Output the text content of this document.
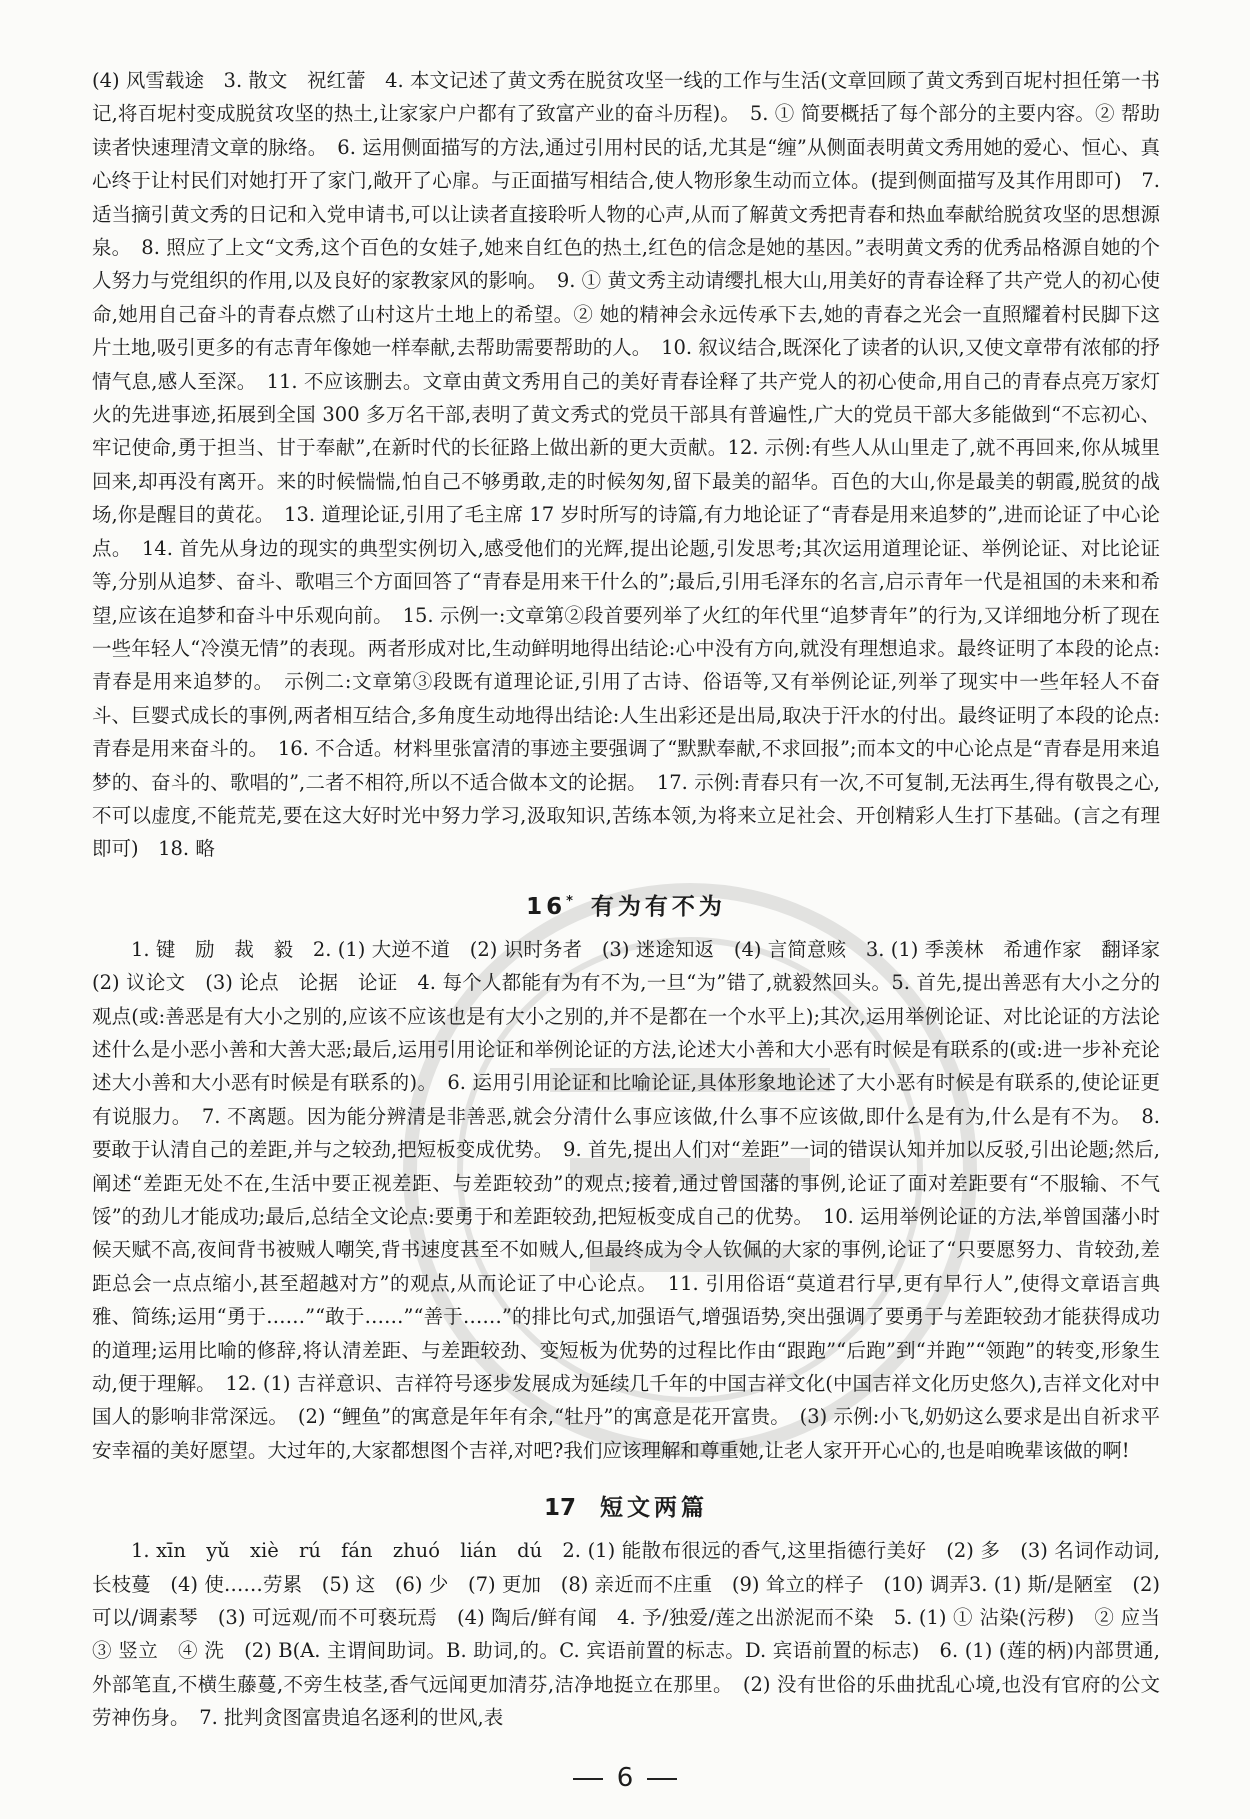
(4) 风雪载途　3. 散文　祝红蕾　4. 本文记述了黄文秀在脱贫攻坚一线的工作与生活(文章回顾了黄文秀到百坭村担任第一书记,将百坭村变成脱贫攻坚的热土,让家家户户都有了致富产业的奋斗历程)。　5. ① 简要概括了每个部分的主要内容。② 帮助读者快速理清文章的脉络。　6. 运用侧面描写的方法,通过引用村民的话,尤其是“缠”从侧面表明黄文秀用她的爱心、恒心、真心终于让村民们对她打开了家门,敞开了心扉。与正面描写相结合,使人物形象生动而立体。(提到侧面描写及其作用即可)　7. 适当摘引黄文秀的日记和入党申请书,可以让读者直接聆听人物的心声,从而了解黄文秀把青春和热血奉献给脱贫攻坚的思想源泉。　8. 照应了上文“文秀,这个百色的女娃子,她来自红色的热土,红色的信念是她的基因。”表明黄文秀的优秀品格源自她的个人努力与党组织的作用,以及良好的家教家风的影响。　9. ① 黄文秀主动请缨扎根大山,用美好的青春诠释了共产党人的初心使命,她用自己奋斗的青春点燃了山村这片土地上的希望。② 她的精神会永远传承下去,她的青春之光会一直照耀着村民脚下这片土地,吸引更多的有志青年像她一样奉献,去帮助需要帮助的人。　10. 叙议结合,既深化了读者的认识,又使文章带有浓郁的抒情气息,感人至深。　11. 不应该删去。文章由黄文秀用自己的美好青春诠释了共产党人的初心使命,用自己的青春点亮万家灯火的先进事迹,拓展到全国 300 多万名干部,表明了黄文秀式的党员干部具有普遍性,广大的党员干部大多能做到“不忘初心、牢记使命,勇于担当、甘于奉献”,在新时代的长征路上做出新的更大贡献。12. 示例:有些人从山里走了,就不再回来,你从城里回来,却再没有离开。来的时候惴惴,怕自己不够勇敢,走的时候匆匆,留下最美的韶华。百色的大山,你是最美的朝霞,脱贫的战场,你是醒目的黄花。　13. 道理论证,引用了毛主席 17 岁时所写的诗篇,有力地论证了“青春是用来追梦的”,进而论证了中心论点。　14. 首先从身边的现实的典型实例切入,感受他们的光辉,提出论题,引发思考;其次运用道理论证、举例论证、对比论证等,分别从追梦、奋斗、歌唱三个方面回答了“青春是用来干什么的”;最后,引用毛泽东的名言,启示青年一代是祖国的未来和希望,应该在追梦和奋斗中乐观向前。　15. 示例一:文章第②段首要列举了火红的年代里“追梦青年”的行为,又详细地分析了现在一些年轻人“冷漠无情”的表现。两者形成对比,生动鲜明地得出结论:心中没有方向,就没有理想追求。最终证明了本段的论点:青春是用来追梦的。　示例二:文章第③段既有道理论证,引用了古诗、俗语等,又有举例论证,列举了现实中一些年轻人不奋斗、巨婴式成长的事例,两者相互结合,多角度生动地得出结论:人生出彩还是出局,取决于汗水的付出。最终证明了本段的论点:青春是用来奋斗的。　16. 不合适。材料里张富清的事迹主要强调了“默默奉献,不求回报”;而本文的中心论点是“青春是用来追梦的、奋斗的、歌唱的”,二者不相符,所以不适合做本文的论据。　17. 示例:青春只有一次,不可复制,无法再生,得有敬畏之心,不可以虚度,不能荒芜,要在这大好时光中努力学习,汲取知识,苦练本领,为将来立足社会、开创精彩人生打下基础。(言之有理即可)　18. 略

16* 有为有不为

1. 键　励　裁　毅　2. (1) 大逆不道　(2) 识时务者　(3) 迷途知返　(4) 言简意赅　3. (1) 季羡林　希逋作家　翻译家　(2) 议论文　(3) 论点　论据　论证　4. 每个人都能有为有不为,一旦“为”错了,就毅然回头。5. 首先,提出善恶有大小之分的观点(或:善恶是有大小之别的,应该不应该也是有大小之别的,并不是都在一个水平上);其次,运用举例论证、对比论证的方法论述什么是小恶小善和大善大恶;最后,运用引用论证和举例论证的方法,论述大小善和大小恶有时候是有联系的(或:进一步补充论述大小善和大小恶有时候是有联系的)。　6. 运用引用论证和比喻论证,具体形象地论述了大小恶有时候是有联系的,使论证更有说服力。　7. 不离题。因为能分辨清是非善恶,就会分清什么事应该做,什么事不应该做,即什么是有为,什么是有不为。　8. 要敢于认清自己的差距,并与之较劲,把短板变成优势。　9. 首先,提出人们对“差距”一词的错误认知并加以反驳,引出论题;然后,阐述“差距无处不在,生活中要正视差距、与差距较劲”的观点;接着,通过曾国藩的事例,论证了面对差距要有“不服输、不气馁”的劲儿才能成功;最后,总结全文论点:要勇于和差距较劲,把短板变成自己的优势。　10. 运用举例论证的方法,举曾国藩小时候天赋不高,夜间背书被贼人嘲笑,背书速度甚至不如贼人,但最终成为令人钦佩的大家的事例,论证了“只要愿努力、肯较劲,差距总会一点点缩小,甚至超越对方”的观点,从而论证了中心论点。　11. 引用俗语“莫道君行早,更有早行人”,使得文章语言典雅、简练;运用“勇于……”“敢于……”“善于……”的排比句式,加强语气,增强语势,突出强调了要勇于与差距较劲才能获得成功的道理;运用比喻的修辞,将认清差距、与差距较劲、变短板为优势的过程比作由“跟跑”“后跑”到“并跑”“领跑”的转变,形象生动,便于理解。　12. (1) 吉祥意识、吉祥符号逐步发展成为延续几千年的中国吉祥文化(中国吉祥文化历史悠久),吉祥文化对中国人的影响非常深远。　(2) “鲤鱼”的寓意是年年有余,“牡丹”的寓意是花开富贵。　(3) 示例:小飞,奶奶这么要求是出自祈求平安幸福的美好愿望。大过年的,大家都想图个吉祥,对吧?我们应该理解和尊重她,让老人家开开心心的,也是咱晚辈该做的啊!

17 短文两篇

1. xīn　yǔ　xiè　rú　fán　zhuó　lián　dú　2. (1) 能散布很远的香气,这里指德行美好　(2) 多　(3) 名词作动词,长枝蔓　(4) 使……劳累　(5) 这　(6) 少　(7) 更加　(8) 亲近而不庄重　(9) 耸立的样子　(10) 调弄3. (1) 斯/是陋室　(2) 可以/调素琴　(3) 可远观/而不可亵玩焉　(4) 陶后/鲜有闻　4. 予/独爱/莲之出淤泥而不染　5. (1) ① 沾染(污秽)　② 应当　③ 竖立　④ 洗　(2) B(A. 主谓间助词。B. 助词,的。C. 宾语前置的标志。D. 宾语前置的标志)　6. (1) (莲的柄)内部贯通,外部笔直,不横生藤蔓,不旁生枝茎,香气远闻更加清芬,洁净地挺立在那里。　(2) 没有世俗的乐曲扰乱心境,也没有官府的公文劳神伤身。　7. 批判贪图富贵追名逐利的世风,表

6
